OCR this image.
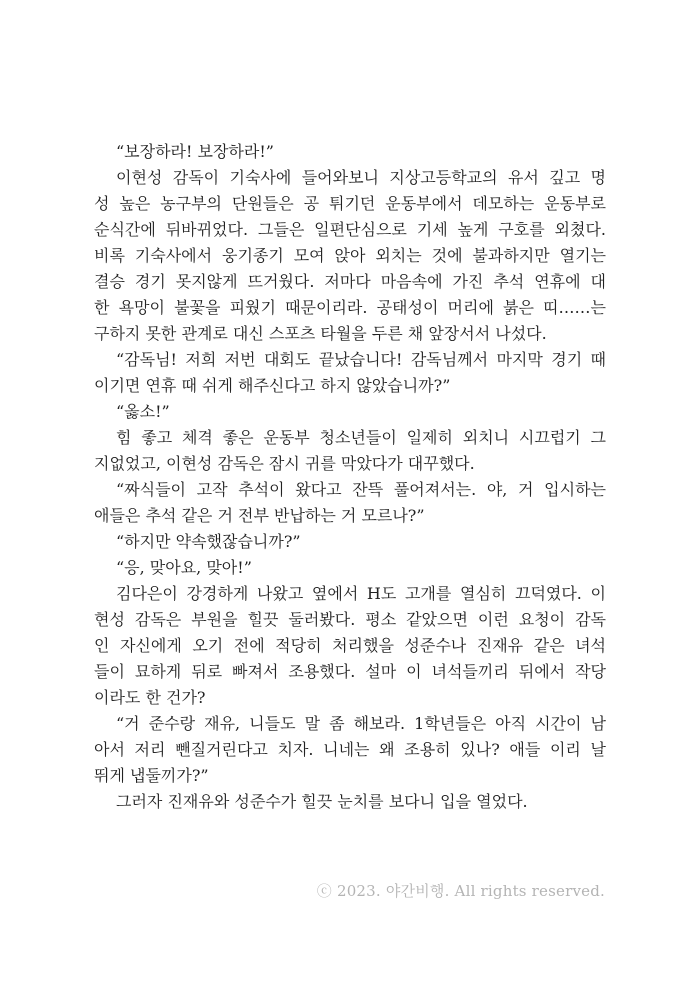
“보장하라! 보장하라!”
이현성 감독이 기숙사에 들어와보니 지상고등학교의 유서 깊고 명
성 높은 농구부의 단원들은 공 튀기던 운동부에서 데모하는 운동부로
순식간에 뒤바뀌었다. 그들은 일편단심으로 기세 높게 구호를 외쳤다.
비록 기숙사에서 웅기종기 모여 앉아 외치는 것에 불과하지만 열기는
결승 경기 못지않게 뜨거웠다. 저마다 마음속에 가진 추석 연휴에 대
한 욕망이 불꽃을 피웠기 때문이리라. 공태성이 머리에 붉은 띠……는
구하지 못한 관계로 대신 스포츠 타월을 두른 채 앞장서서 나섰다.
“감독님! 저희 저번 대회도 끝났습니다! 감독님께서 마지막 경기 때
이기면 연휴 때 쉬게 해주신다고 하지 않았습니까?”
“옳소!”
힘 좋고 체격 좋은 운동부 청소년들이 일제히 외치니 시끄럽기 그
지없었고, 이현성 감독은 잠시 귀를 막았다가 대꾸했다.
“짜식들이 고작 추석이 왔다고 잔뜩 풀어져서는. 야, 거 입시하는
애들은 추석 같은 거 전부 반납하는 거 모르나?”
“하지만 약속했잖습니까?”
“응, 맞아요, 맞아!”
김다은이 강경하게 나왔고 옆에서 H도 고개를 열심히 끄덕였다. 이
현성 감독은 부원을 힐끗 둘러봤다. 평소 같았으면 이런 요청이 감독
인 자신에게 오기 전에 적당히 처리했을 성준수나 진재유 같은 녀석
들이 묘하게 뒤로 빠져서 조용했다. 설마 이 녀석들끼리 뒤에서 작당
이라도 한 건가?
“거 준수랑 재유, 니들도 말 좀 해보라. 1학년들은 아직 시간이 남
아서 저리 뺀질거린다고 치자. 니네는 왜 조용히 있나? 애들 이리 날
뛰게 냅둘끼가?”
그러자 진재유와 성준수가 힐끗 눈치를 보다니 입을 열었다.
ⓒ 2023. 야간비행. All rights reserved.
